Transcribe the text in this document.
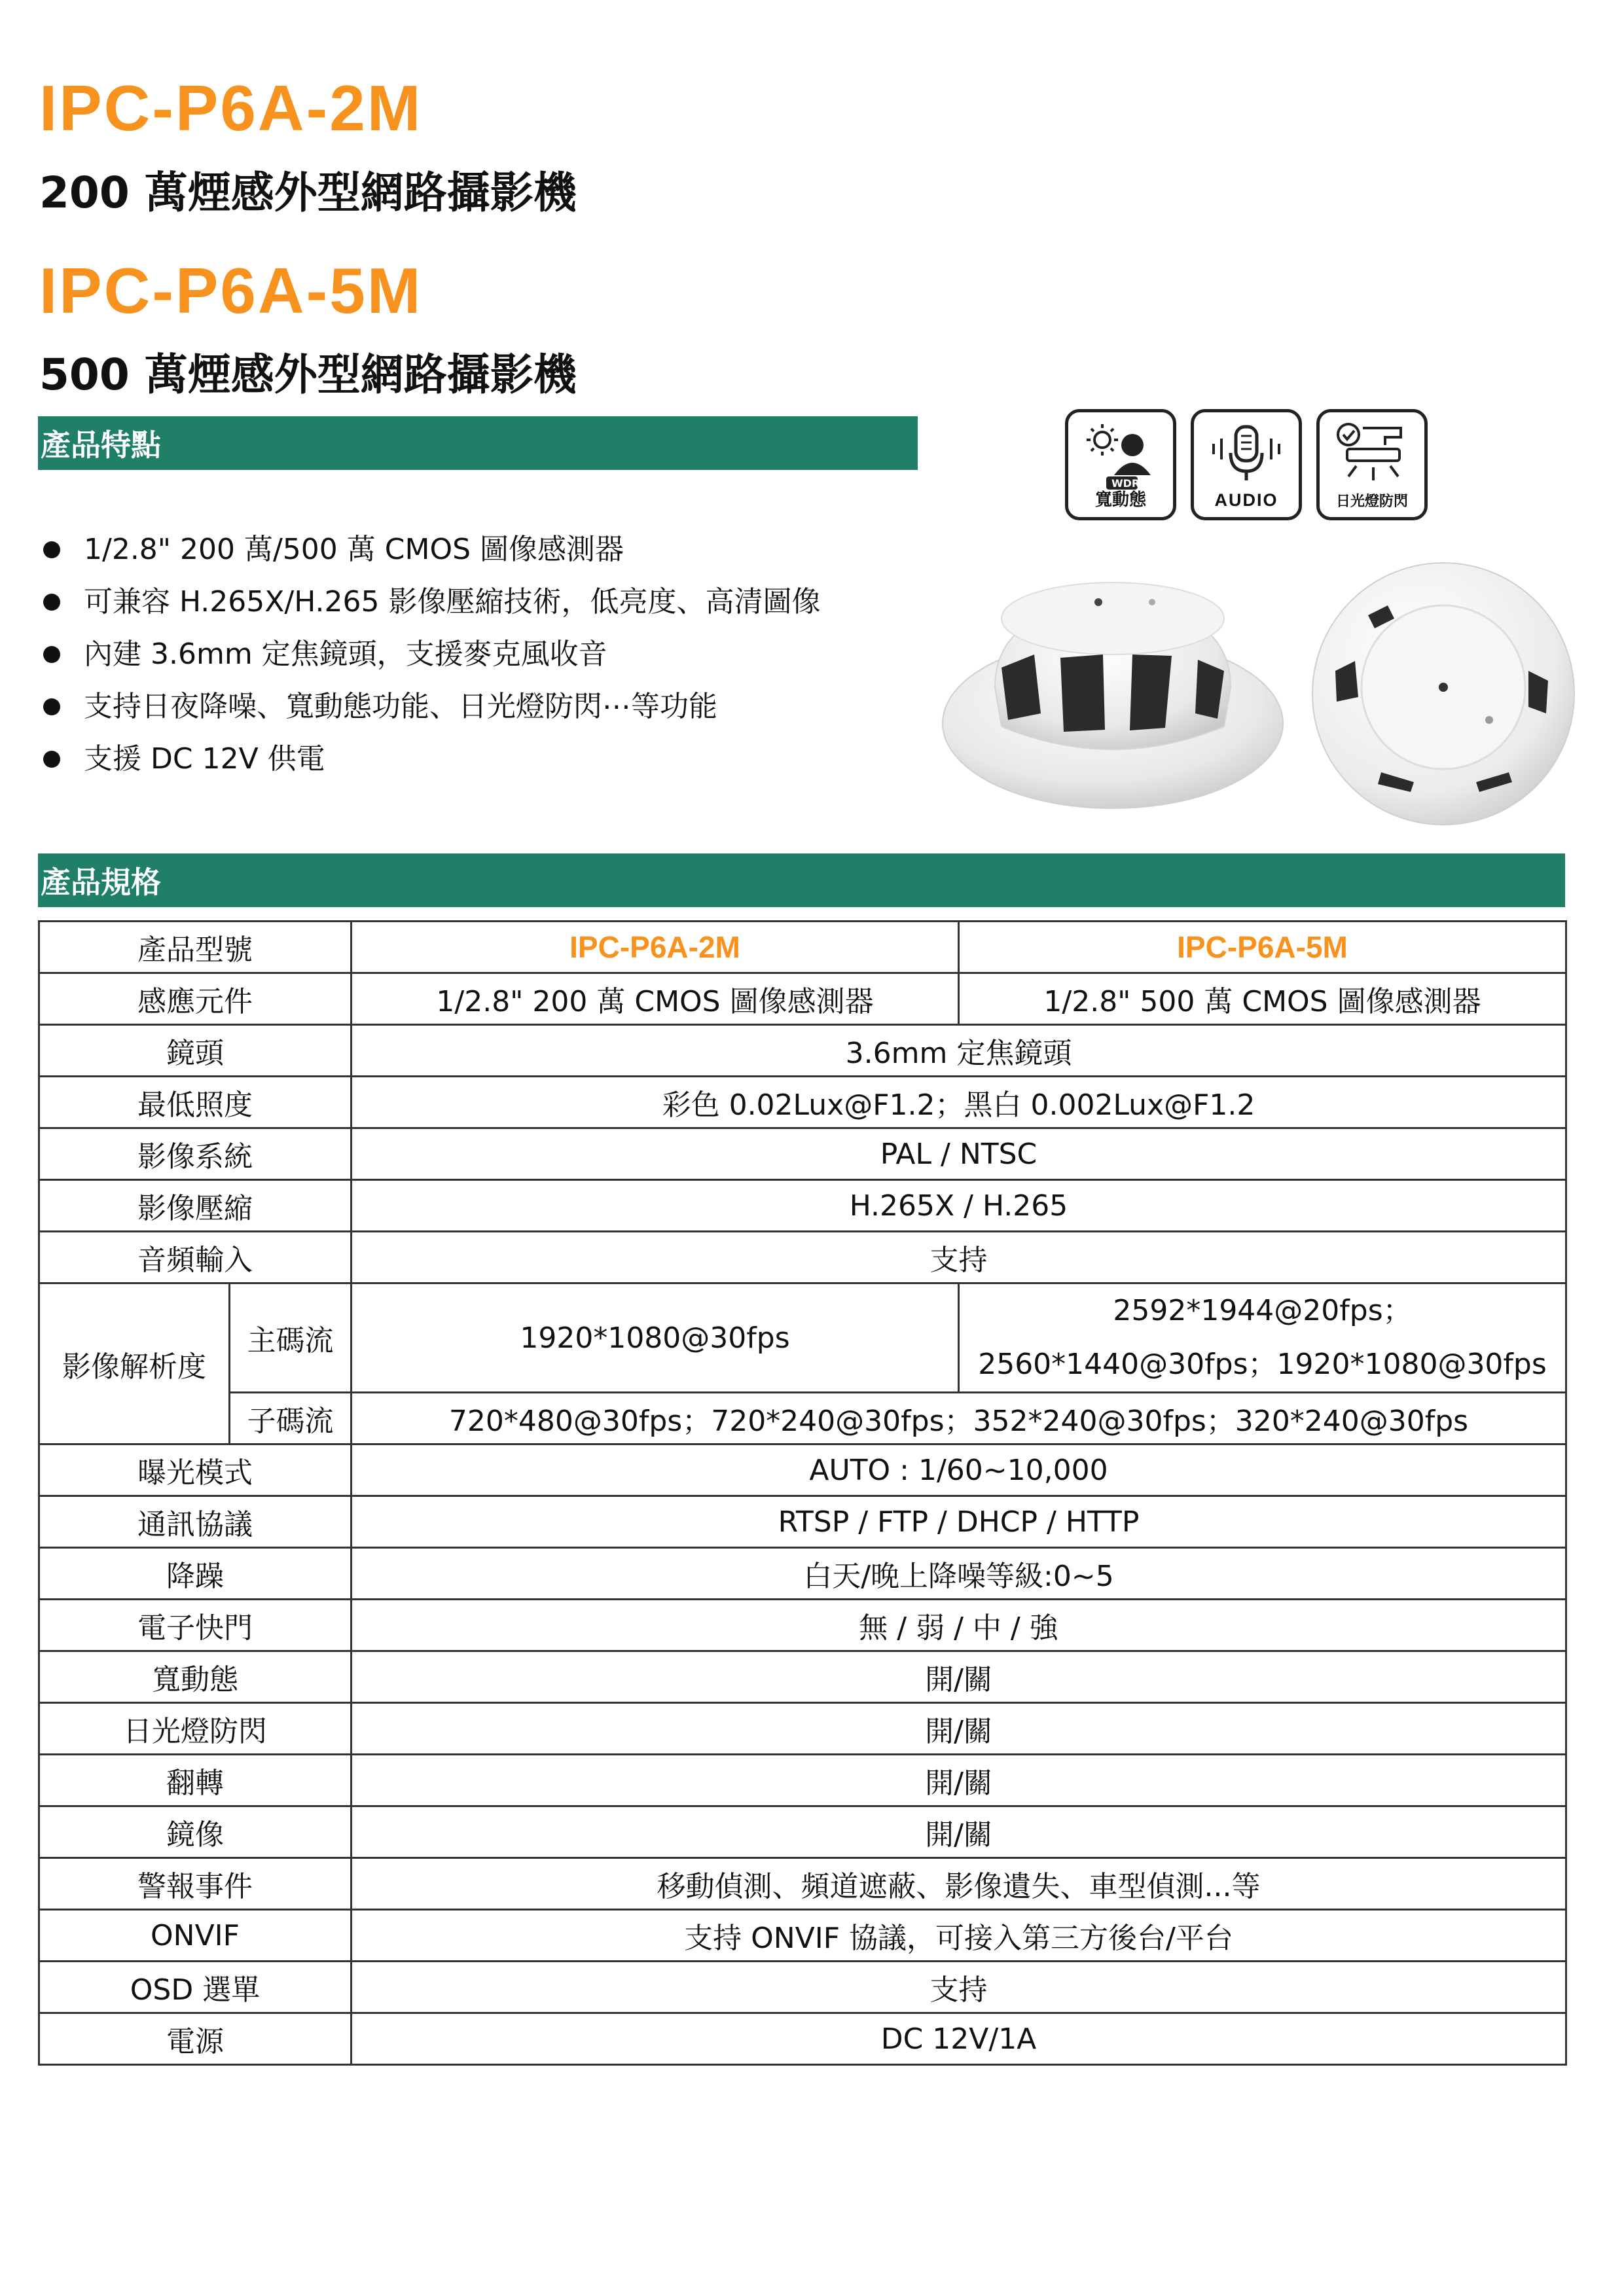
IPC-P6A-2M
200 萬煙感外型網路攝影機
IPC-P6A-5M
500 萬煙感外型網路攝影機
產品特點
WDR
寬動態	AUDIO	日光燈防閃
1/2.8" 200 萬/500 萬 CMOS 圖像感測器
可兼容 H.265X/H.265 影像壓縮技術，低亮度、高清圖像
內建 3.6mm 定焦鏡頭，支援麥克風收音
支持日夜降噪、寬動態功能、日光燈防閃⋯等功能
支援 DC 12V 供電
產品規格
產品型號		IPC-P6A-2M	IPC-P6A-5M
感應元件		1/2.8" 200 萬 CMOS 圖像感測器	1/2.8" 500 萬 CMOS 圖像感測器
鏡頭		3.6mm 定焦鏡頭	
最低照度		彩色 0.02Lux@F1.2；黑白 0.002Lux@F1.2	
影像系統		PAL / NTSC	
影像壓縮		H.265X / H.265	
音頻輸入		支持	
影像解析度	主碼流	1920*1080@30fps	2592*1944@20fps；
2560*1440@30fps；1920*1080@30fps

	子碼流	720*480@30fps；720*240@30fps；352*240@30fps；320*240@30fps	
曝光模式		AUTO : 1/60~10,000	
通訊協議		RTSP / FTP / DHCP / HTTP	
降躁		白天/晚上降噪等級:0~5	
電子快門		無 / 弱 / 中 / 強	
寬動態		開/關	
日光燈防閃		開/關	
翻轉		開/關	
鏡像		開/關	
警報事件		移動偵測、頻道遮蔽、影像遺失、車型偵測...等	
ONVIF		支持 ONVIF 協議，可接入第三方後台/平台	
OSD 選單		支持	
電源		DC 12V/1A	
